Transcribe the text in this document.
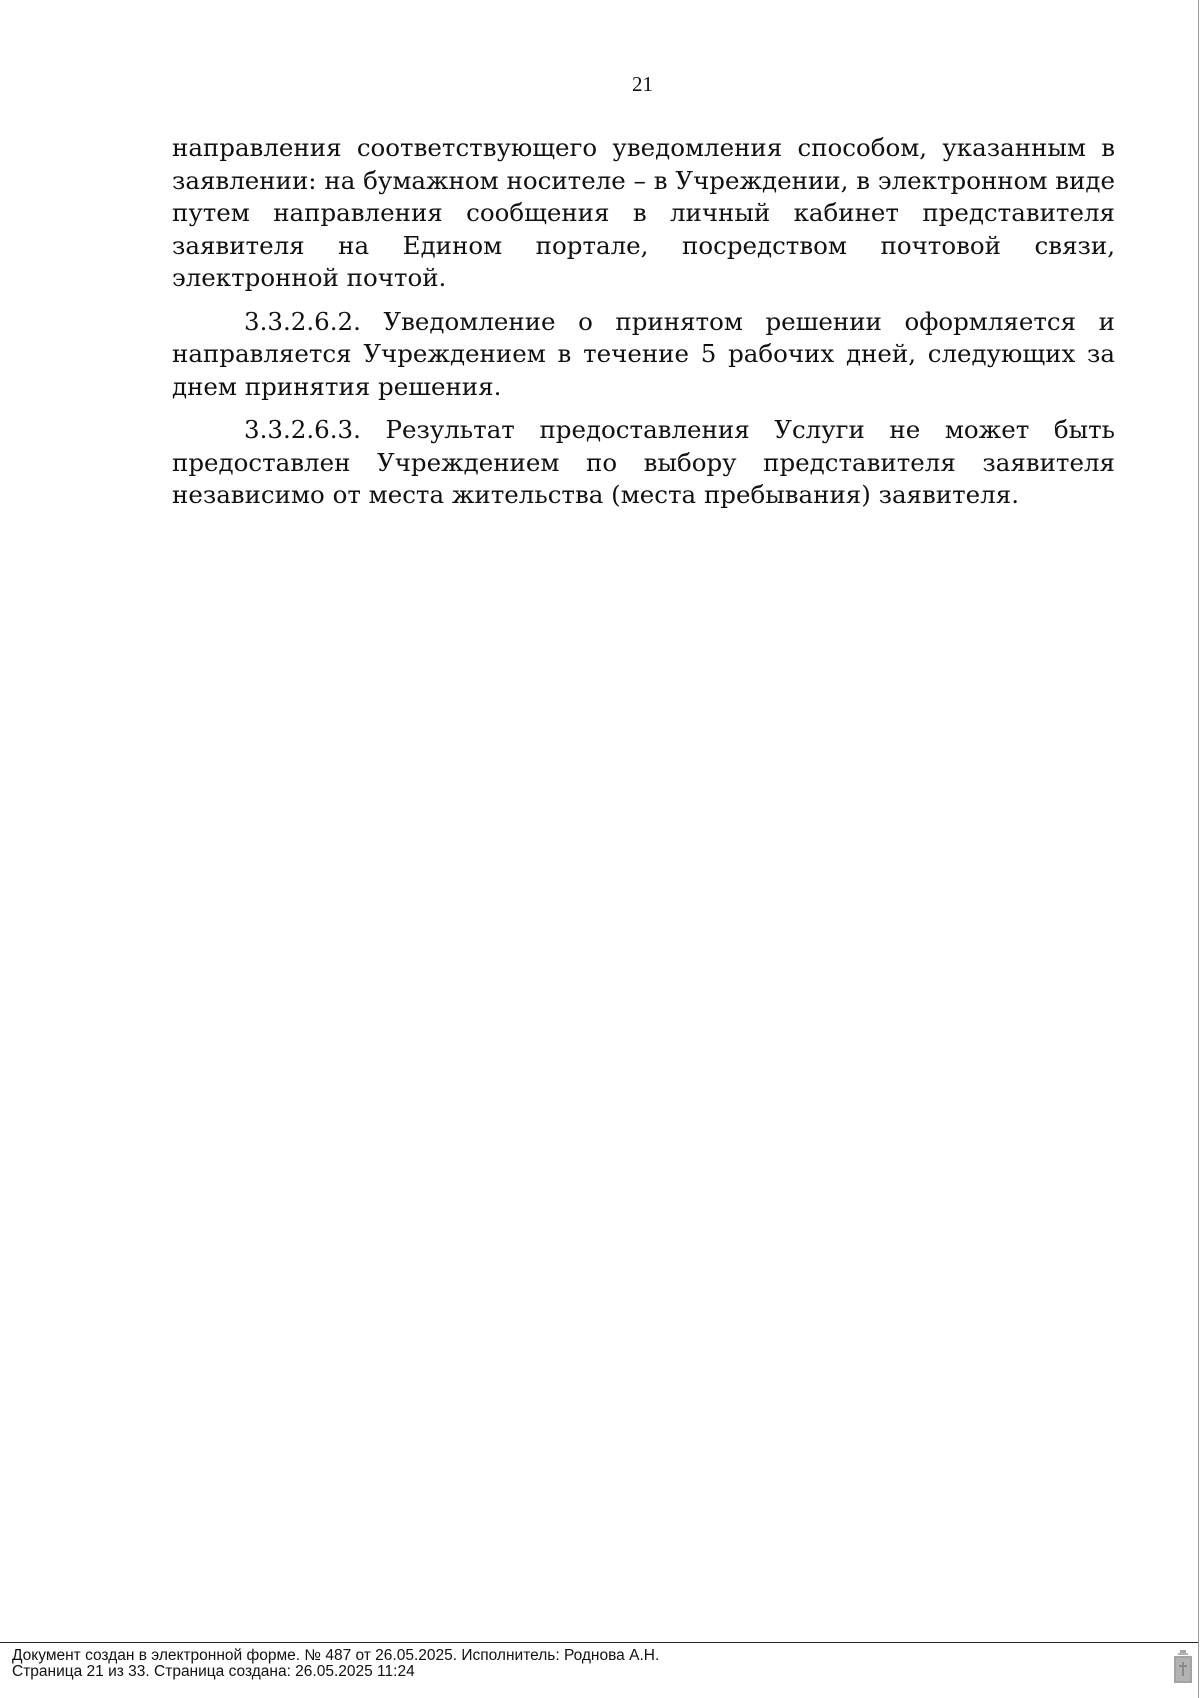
21

направления соответствующего уведомления способом, указанным в заявлении: на бумажном носителе – в Учреждении, в электронном виде путем направления сообщения в личный кабинет представителя заявителя на Едином портале, посредством почтовой связи, электронной почтой.

3.3.2.6.2. Уведомление о принятом решении оформляется и направляется Учреждением в течение 5 рабочих дней, следующих за днем принятия решения.

3.3.2.6.3. Результат предоставления Услуги не может быть предоставлен Учреждением по выбору представителя заявителя независимо от места жительства (места пребывания) заявителя.

Документ создан в электронной форме. № 487 от 26.05.2025. Исполнитель: Роднова А.Н.
Страница 21 из 33. Страница создана: 26.05.2025 11:24
